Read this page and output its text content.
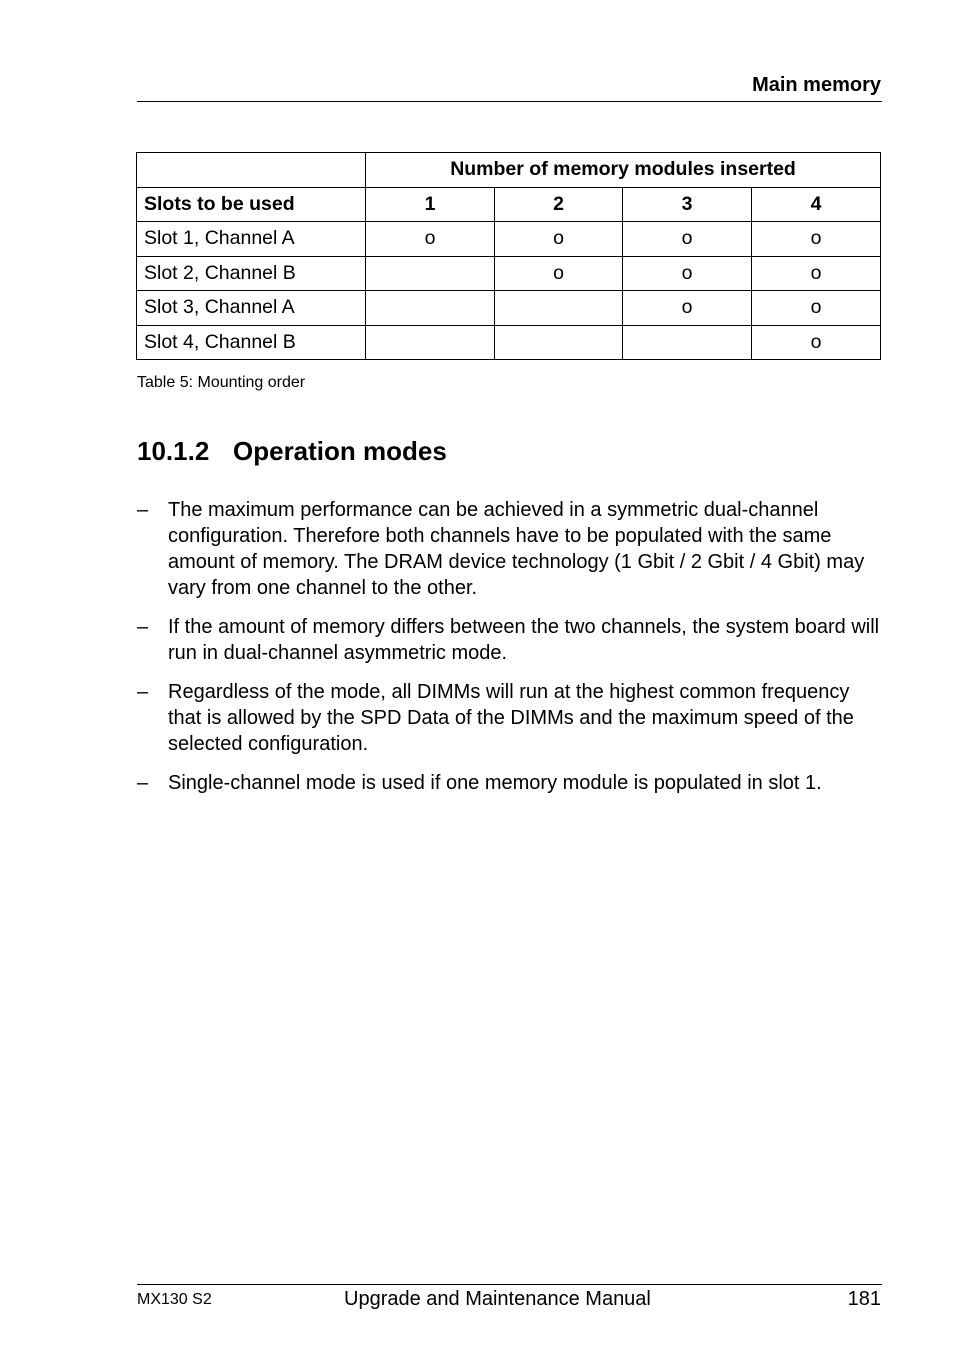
Main memory
	Number of memory modules inserted			
Slots to be used	1	2	3	4
Slot 1, Channel A	o	o	o	o
Slot 2, Channel B		o	o	o
Slot 3, Channel A			o	o
Slot 4, Channel B				o
Table 5: Mounting order
10.1.2 Operation modes
– The maximum performance can be achieved in a symmetric dual-channel configuration. Therefore both channels have to be populated with the same amount of memory. The DRAM device technology (1 Gbit / 2 Gbit / 4 Gbit) may vary from one channel to the other.
– If the amount of memory differs between the two channels, the system board will run in dual-channel asymmetric mode.
– Regardless of the mode, all DIMMs will run at the highest common frequency that is allowed by the SPD Data of the DIMMs and the maximum speed of the selected configuration.
– Single-channel mode is used if one memory module is populated in slot 1.
MX130 S2	Upgrade and Maintenance Manual	181
